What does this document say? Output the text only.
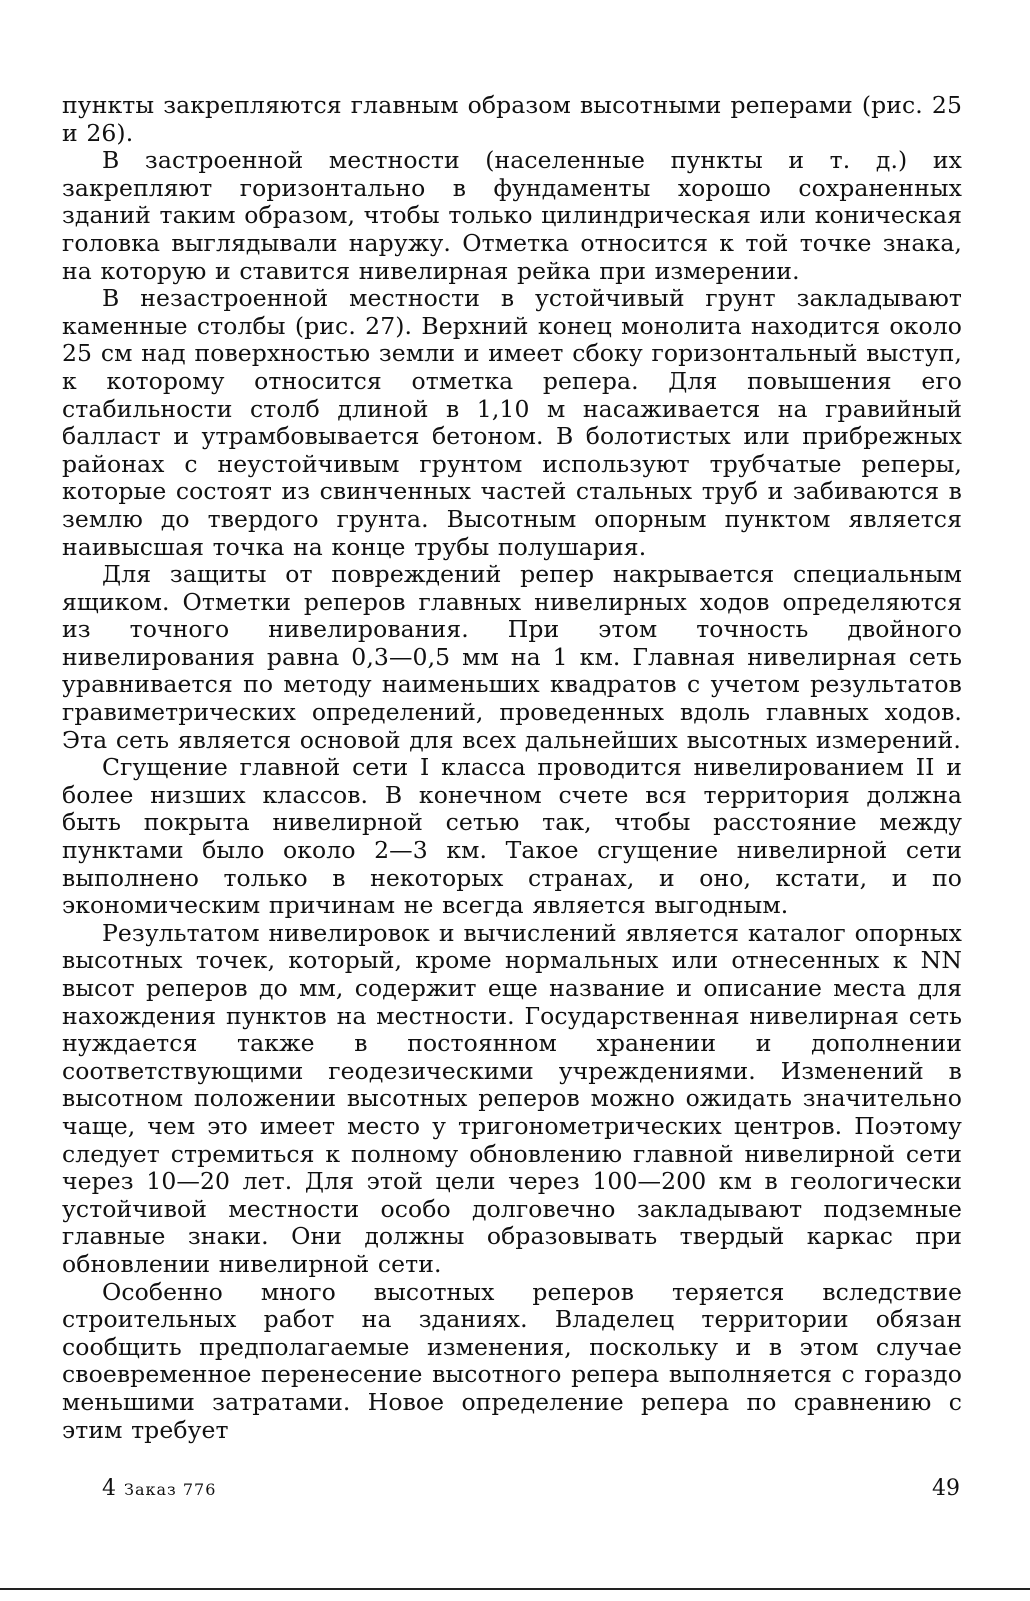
пункты закрепляются главным образом высотными реперами (рис. 25 и 26).

В застроенной местности (населенные пункты и т. д.) их закрепляют горизонтально в фундаменты хорошо сохраненных зданий таким образом, чтобы только цилиндрическая или коническая головка выглядывали наружу. Отметка относится к той точке знака, на которую и ставится нивелирная рейка при измерении.

В незастроенной местности в устойчивый грунт закладывают каменные столбы (рис. 27). Верхний конец монолита находится около 25 см над поверхностью земли и имеет сбоку горизонтальный выступ, к которому относится отметка репера. Для повышения его стабильности столб длиной в 1,10 м насаживается на гравийный балласт и утрамбовывается бетоном. В болотистых или прибрежных районах с неустойчивым грунтом используют трубчатые реперы, которые состоят из свинченных частей стальных труб и забиваются в землю до твердого грунта. Высотным опорным пунктом является наивысшая точка на конце трубы полушария.

Для защиты от повреждений репер накрывается специальным ящиком. Отметки реперов главных нивелирных ходов определяются из точного нивелирования. При этом точность двойного нивелирования равна 0,3—0,5 мм на 1 км. Главная нивелирная сеть уравнивается по методу наименьших квадратов с учетом результатов гравиметрических определений, проведенных вдоль главных ходов. Эта сеть является основой для всех дальнейших высотных измерений.

Сгущение главной сети I класса проводится нивелированием II и более низших классов. В конечном счете вся территория должна быть покрыта нивелирной сетью так, чтобы расстояние между пунктами было около 2—3 км. Такое сгущение нивелирной сети выполнено только в некоторых странах, и оно, кстати, и по экономическим причинам не всегда является выгодным.

Результатом нивелировок и вычислений является каталог опорных высотных точек, который, кроме нормальных или отнесенных к NN высот реперов до мм, содержит еще название и описание места для нахождения пунктов на местности. Государственная нивелирная сеть нуждается также в постоянном хранении и дополнении соответствующими геодезическими учреждениями. Изменений в высотном положении высотных реперов можно ожидать значительно чаще, чем это имеет место у тригонометрических центров. Поэтому следует стремиться к полному обновлению главной нивелирной сети через 10—20 лет. Для этой цели через 100—200 км в геологически устойчивой местности особо долговечно закладывают подземные главные знаки. Они должны образовывать твердый каркас при обновлении нивелирной сети.

Особенно много высотных реперов теряется вследствие строительных работ на зданиях. Владелец территории обязан сообщить предполагаемые изменения, поскольку и в этом случае своевременное перенесение высотного репера выполняется с гораздо меньшими затратами. Новое определение репера по сравнению с этим требует

4 Заказ 776	49
